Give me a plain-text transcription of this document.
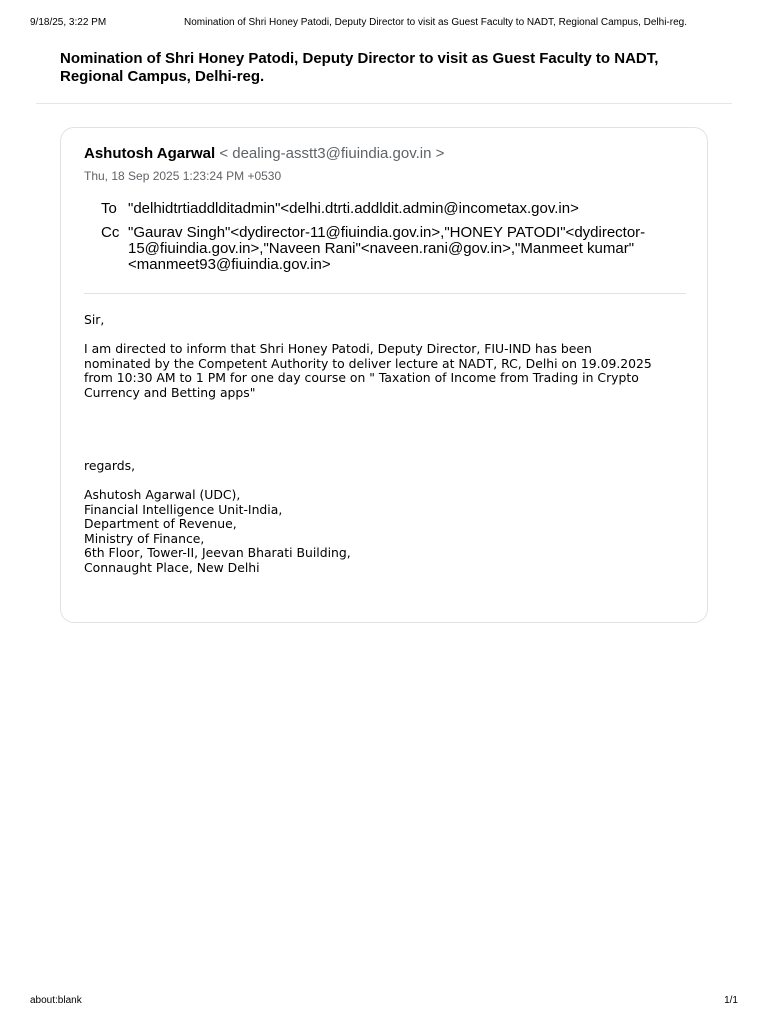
9/18/25, 3:22 PM	Nomination of Shri Honey Patodi, Deputy Director to visit as Guest Faculty to NADT, Regional Campus, Delhi-reg.
Nomination of Shri Honey Patodi, Deputy Director to visit as Guest Faculty to NADT, Regional Campus, Delhi-reg.
Ashutosh Agarwal < dealing-asstt3@fiuindia.gov.in >
Thu, 18 Sep 2025 1:23:24 PM +0530
To "delhidtrtiaddlditadmin"<delhi.dtrti.addldit.admin@incometax.gov.in>
Cc "Gaurav Singh"<dydirector-11@fiuindia.gov.in>,"HONEY PATODI"<dydirector-
15@fiuindia.gov.in>,"Naveen Rani"<naveen.rani@gov.in>,"Manmeet kumar"
<manmeet93@fiuindia.gov.in>
Sir,
I am directed to inform that Shri Honey Patodi, Deputy Director, FIU-IND has been
nominated by the Competent Authority to deliver lecture at NADT, RC, Delhi on 19.09.2025
from 10:30 AM to 1 PM for one day course on " Taxation of Income from Trading in Crypto
Currency and Betting apps"
regards,
Ashutosh Agarwal (UDC),
Financial Intelligence Unit-India,
Department of Revenue,
Ministry of Finance,
6th Floor, Tower-II, Jeevan Bharati Building,
Connaught Place, New Delhi
about:blank	1/1
